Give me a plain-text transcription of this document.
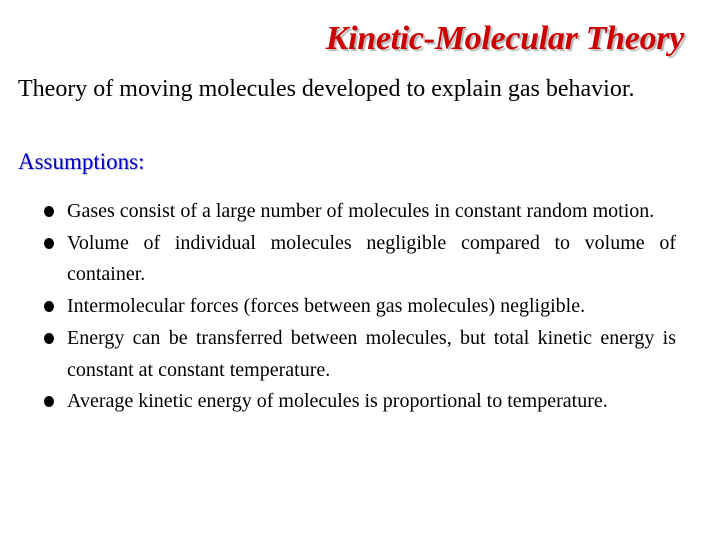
Kinetic-Molecular Theory
Theory of moving molecules developed to explain gas behavior.
Assumptions:
Gases consist of a large number of molecules in constant random motion.
Volume of individual molecules negligible compared to volume of container.
Intermolecular forces (forces between gas molecules) negligible.
Energy can be transferred between molecules, but total kinetic energy is constant at constant temperature.
Average kinetic energy of molecules is proportional to temperature.
